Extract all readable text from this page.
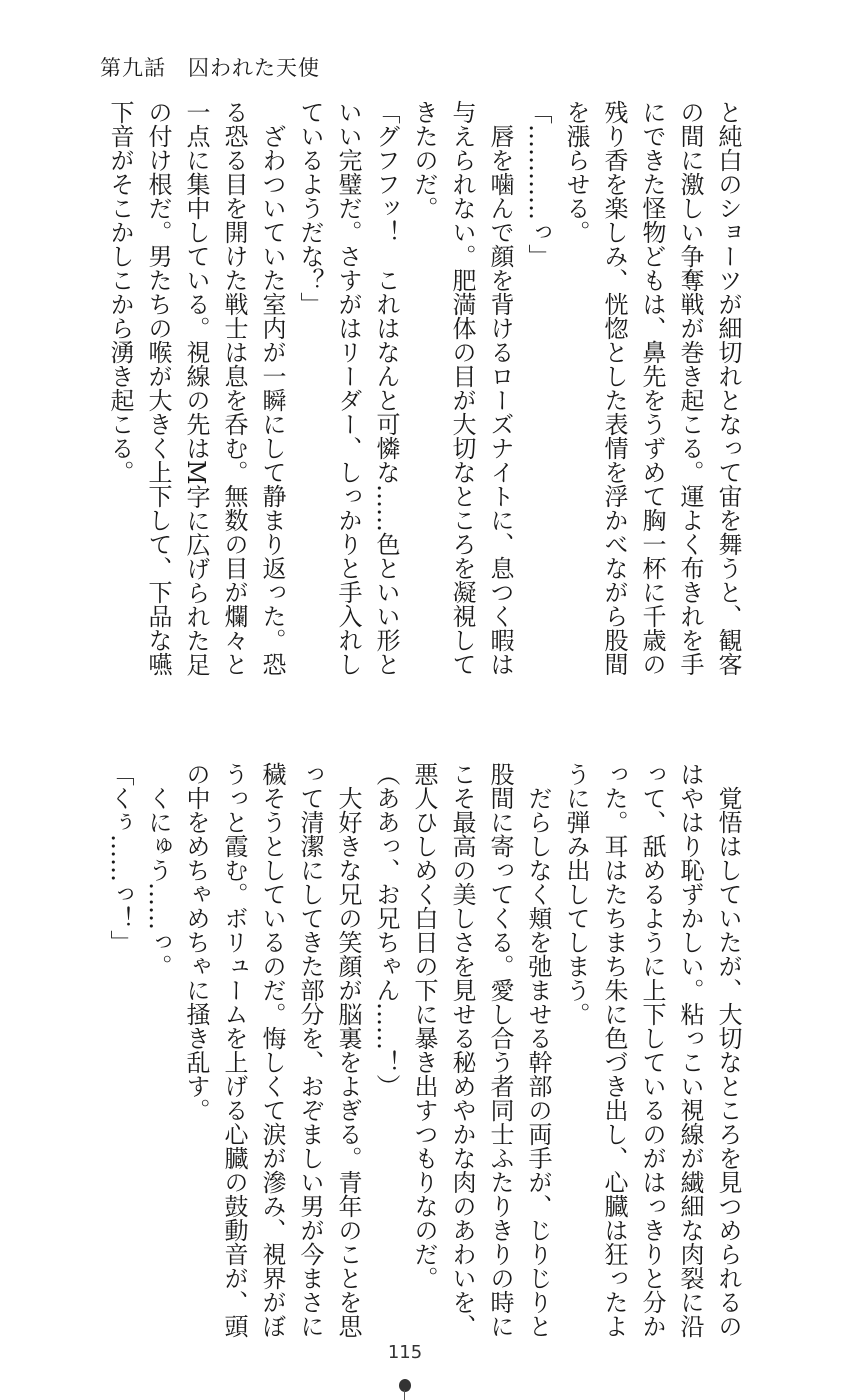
第九話　囚われた天使
と純白のショーツが細切れとなって宙を舞うと、観客
の間に激しい争奪戦が巻き起こる。運よく布きれを手
にできた怪物どもは、鼻先をうずめて胸一杯に千歳の
残り香を楽しみ、恍惚とした表情を浮かべながら股間
を漲らせる。
「…………っ」
　唇を噛んで顔を背けるローズナイトに、息つく暇は
与えられない。肥満体の目が大切なところを凝視して
きたのだ。
「グフフッ！　これはなんと可憐な……色といい形と
いい完璧だ。さすがはリーダー、しっかりと手入れし
ているようだな？」
　ざわついていた室内が一瞬にして静まり返った。恐
る恐る目を開けた戦士は息を呑む。無数の目が爛々と
一点に集中している。視線の先はM字に広げられた足
の付け根だ。男たちの喉が大きく上下して、下品な嚥
下音がそこかしこから湧き起こる。
　覚悟はしていたが、大切なところを見つめられるの
はやはり恥ずかしい。粘っこい視線が繊細な肉裂に沿
って、舐めるように上下しているのがはっきりと分か
った。耳はたちまち朱に色づき出し、心臓は狂ったよ
うに弾み出してしまう。
　だらしなく頬を弛ませる幹部の両手が、じりじりと
股間に寄ってくる。愛し合う者同士ふたりきりの時に
こそ最高の美しさを見せる秘めやかな肉のあわいを、
悪人ひしめく白日の下に暴き出すつもりなのだ。
（ああっ、お兄ちゃん……！）
　大好きな兄の笑顔が脳裏をよぎる。青年のことを思
って清潔にしてきた部分を、おぞましい男が今まさに
穢そうとしているのだ。悔しくて涙が滲み、視界がぼ
うっと霞む。ボリュームを上げる心臓の鼓動音が、頭
の中をめちゃめちゃに掻き乱す。
　くにゅう……っ。
「くぅ……っ！」
115
